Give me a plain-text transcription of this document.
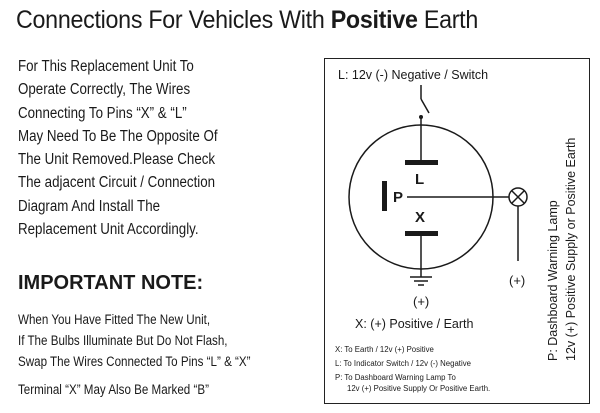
Connections For Vehicles With Positive Earth
For This Replacement Unit To
Operate Correctly, The Wires
Connecting To Pins “X” & “L”
May Need To Be The Opposite Of
The Unit Removed.Please Check
The adjacent Circuit / Connection
Diagram And Install The
Replacement Unit Accordingly.
IMPORTANT NOTE:
When You Have Fitted The New Unit,
If The Bulbs Illuminate But Do Not Flash,
Swap The Wires Connected To Pins “L” & “X”
Terminal “X” May Also Be Marked “B”
L: 12v (-) Negative / Switch
L
P
(+)
X
(+)
X: (+) Positive / Earth	P: Dashboard Warning Lamp 12v (+) Positive Supply or Positive Earth
X: To Earth / 12v (+) Positive
L: To Indicator Switch / 12v (-) Negative
P: To Dashboard Warning Lamp To
12v (+) Positive Supply Or Positive Earth.
